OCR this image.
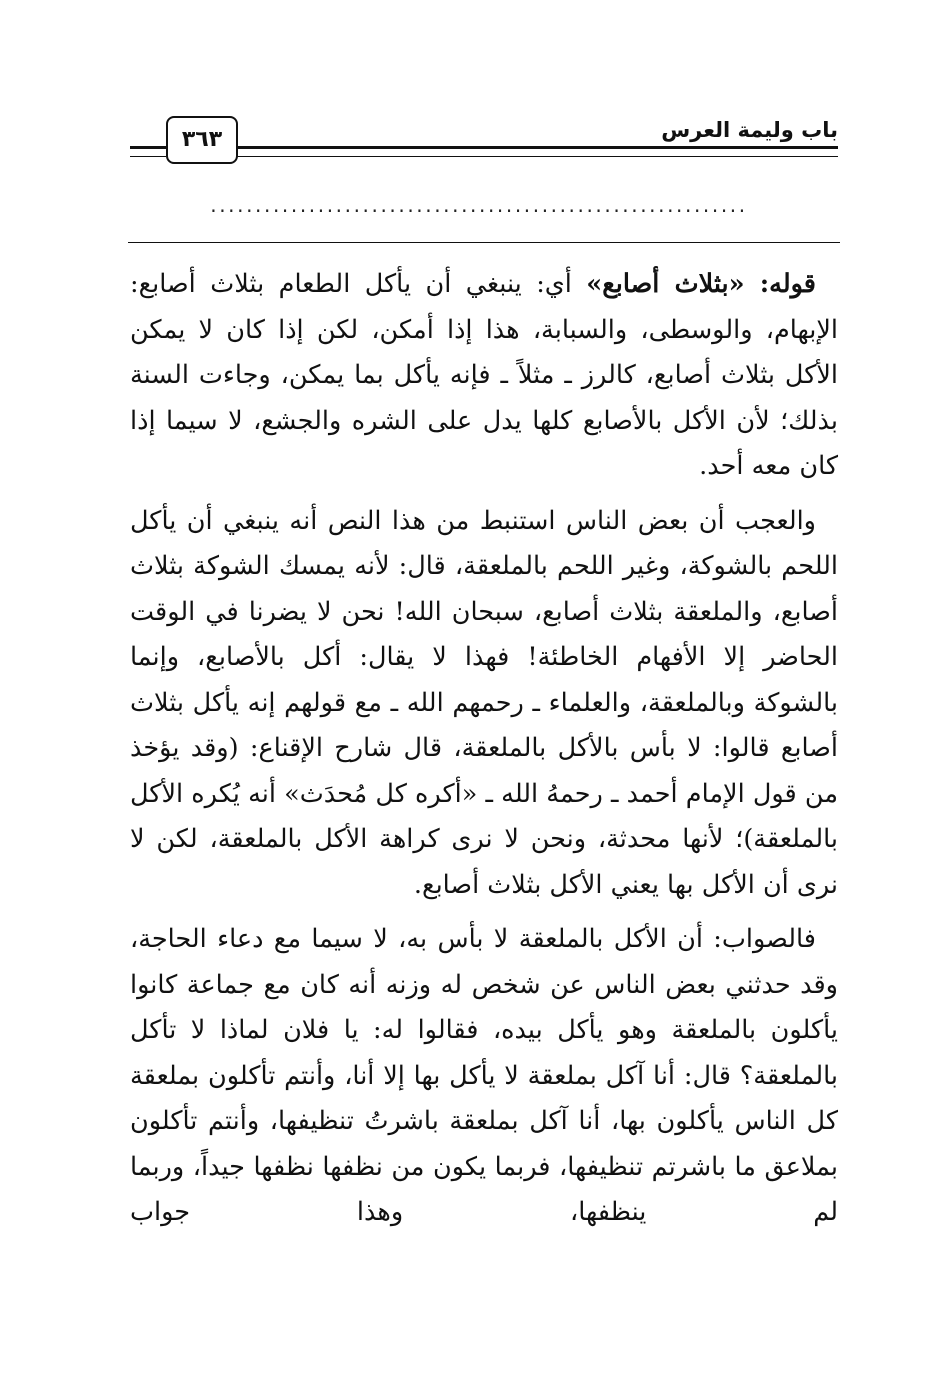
باب وليمة العرس
٣٦٣
............................................................

قوله: «بثلاث أصابع» أي: ينبغي أن يأكل الطعام بثلاث أصابع: الإبهام، والوسطى، والسبابة، هذا إذا أمكن، لكن إذا كان لا يمكن الأكل بثلاث أصابع، كالرز ـ مثلاً ـ فإنه يأكل بما يمكن، وجاءت السنة بذلك؛ لأن الأكل بالأصابع كلها يدل على الشره والجشع، لا سيما إذا كان معه أحد.

والعجب أن بعض الناس استنبط من هذا النص أنه ينبغي أن يأكل اللحم بالشوكة، وغير اللحم بالملعقة، قال: لأنه يمسك الشوكة بثلاث أصابع، والملعقة بثلاث أصابع، سبحان الله! نحن لا يضرنا في الوقت الحاضر إلا الأفهام الخاطئة! فهذا لا يقال: أكل بالأصابع، وإنما بالشوكة وبالملعقة، والعلماء ـ رحمهم الله ـ مع قولهم إنه يأكل بثلاث أصابع قالوا: لا بأس بالأكل بالملعقة، قال شارح الإقناع: (وقد يؤخذ من قول الإمام أحمد ـ رحمهُ الله ـ «أكره كل مُحدَث» أنه يُكره الأكل بالملعقة)؛ لأنها محدثة، ونحن لا نرى كراهة الأكل بالملعقة، لكن لا نرى أن الأكل بها يعني الأكل بثلاث أصابع.

فالصواب: أن الأكل بالملعقة لا بأس به، لا سيما مع دعاء الحاجة، وقد حدثني بعض الناس عن شخص له وزنه أنه كان مع جماعة كانوا يأكلون بالملعقة وهو يأكل بيده، فقالوا له: يا فلان لماذا لا تأكل بالملعقة؟ قال: أنا آكل بملعقة لا يأكل بها إلا أنا، وأنتم تأكلون بملعقة كل الناس يأكلون بها، أنا آكل بملعقة باشرتُ تنظيفها، وأنتم تأكلون بملاعق ما باشرتم تنظيفها، فربما يكون من نظفها نظفها جيداً، وربما لم ينظفها، وهذا جواب
